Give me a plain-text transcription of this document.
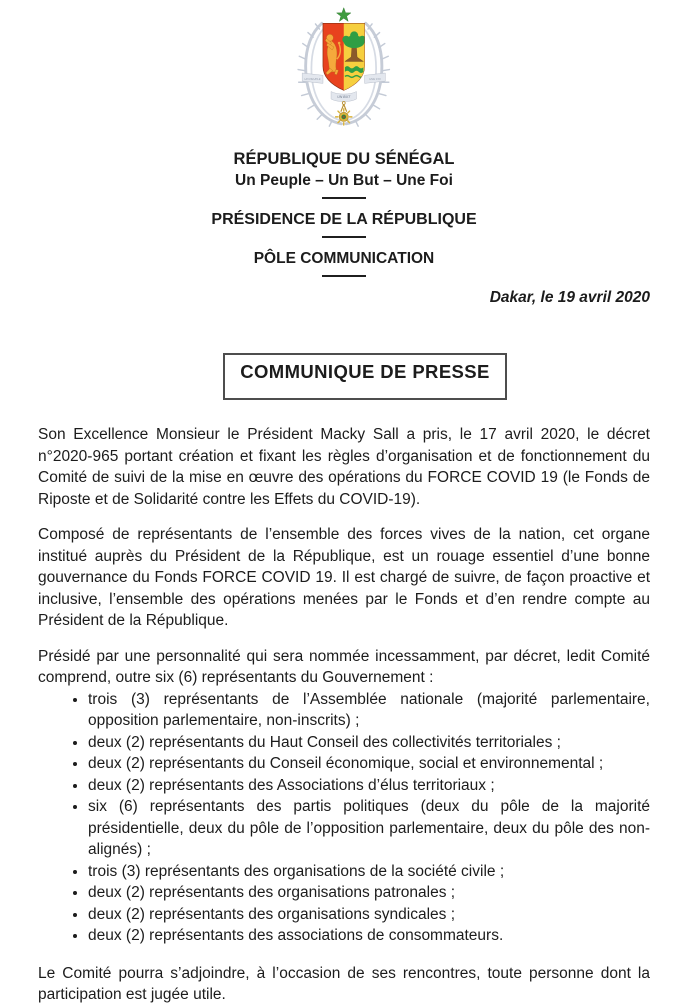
UN PEUPLE	UNE FOI
UN BUT
RÉPUBLIQUE DU SÉNÉGAL
Un Peuple – Un But – Une Foi
PRÉSIDENCE DE LA RÉPUBLIQUE
PÔLE COMMUNICATION
Dakar, le 19 avril 2020
COMMUNIQUE DE PRESSE

Son Excellence Monsieur le Président Macky Sall a pris, le 17 avril 2020, le décret n°2020-965 portant création et fixant les règles d’organisation et de fonctionnement du Comité de suivi de la mise en œuvre des opérations du FORCE COVID 19 (le Fonds de Riposte et de Solidarité contre les Effets du COVID-19).

Composé de représentants de l’ensemble des forces vives de la nation, cet organe institué auprès du Président de la République, est un rouage essentiel d’une bonne gouvernance du Fonds FORCE COVID 19. Il est chargé de suivre, de façon proactive et inclusive, l’ensemble des opérations menées par le Fonds et d’en rendre compte au Président de la République.

Présidé par une personnalité qui sera nommée incessamment, par décret, ledit Comité comprend, outre six (6) représentants du Gouvernement :

• trois (3) représentants de l’Assemblée nationale (majorité parlementaire, opposition parlementaire, non-inscrits) ;
• deux (2) représentants du Haut Conseil des collectivités territoriales ;
• deux (2) représentants du Conseil économique, social et environnemental ;
• deux (2) représentants des Associations d’élus territoriaux ;
• six (6) représentants des partis politiques (deux du pôle de la majorité présidentielle, deux du pôle de l’opposition parlementaire, deux du pôle des non-alignés) ;
• trois (3) représentants des organisations de la société civile ;
• deux (2) représentants des organisations patronales ;
• deux (2) représentants des organisations syndicales ;
• deux (2) représentants des associations de consommateurs.

Le Comité pourra s’adjoindre, à l’occasion de ses rencontres, toute personne dont la participation est jugée utile.
